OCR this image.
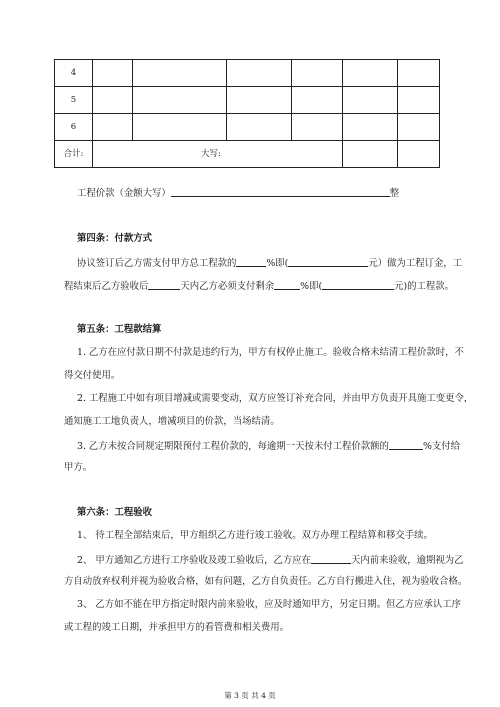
4						
5						
6						
合计:	大写:					
工程价款（金额大写）	整
第四条：付款方式
协议签订后乙方需支付甲方总工程款的	%即(	元）做为工程订金，工
程结束后乙方验收后	天内乙方必须支付剩余	%即(	元)的工程款。
第五条：工程款结算
1. 乙方在应付款日期不付款是违约行为，甲方有权停止施工。验收合格未结清工程价款时，不
得交付使用。
2. 工程施工中如有项目增减或需要变动，双方应签订补充合同，并由甲方负责开具施工变更令，
通知施工工地负责人，增减项目的价款，当场结清。
3. 乙方未按合同规定期限预付工程价款的，每逾期一天按未付工程价款额的	%支付给
甲方。
第六条：工程验收
1、 待工程全部结束后，甲方组织乙方进行竣工验收。双方办理工程结算和移交手续。
2、 甲方通知乙方进行工序验收及竣工验收后，乙方应在	天内前来验收，逾期视为乙
方自动放弃权利并视为验收合格，如有问题，乙方自负责任。乙方自行搬进入住，视为验收合格。
3、 乙方如不能在甲方指定时限内前来验收，应及时通知甲方，另定日期。但乙方应承认工序
或工程的竣工日期，并承担甲方的看管费和相关费用。
第 3 页 共 4 页
